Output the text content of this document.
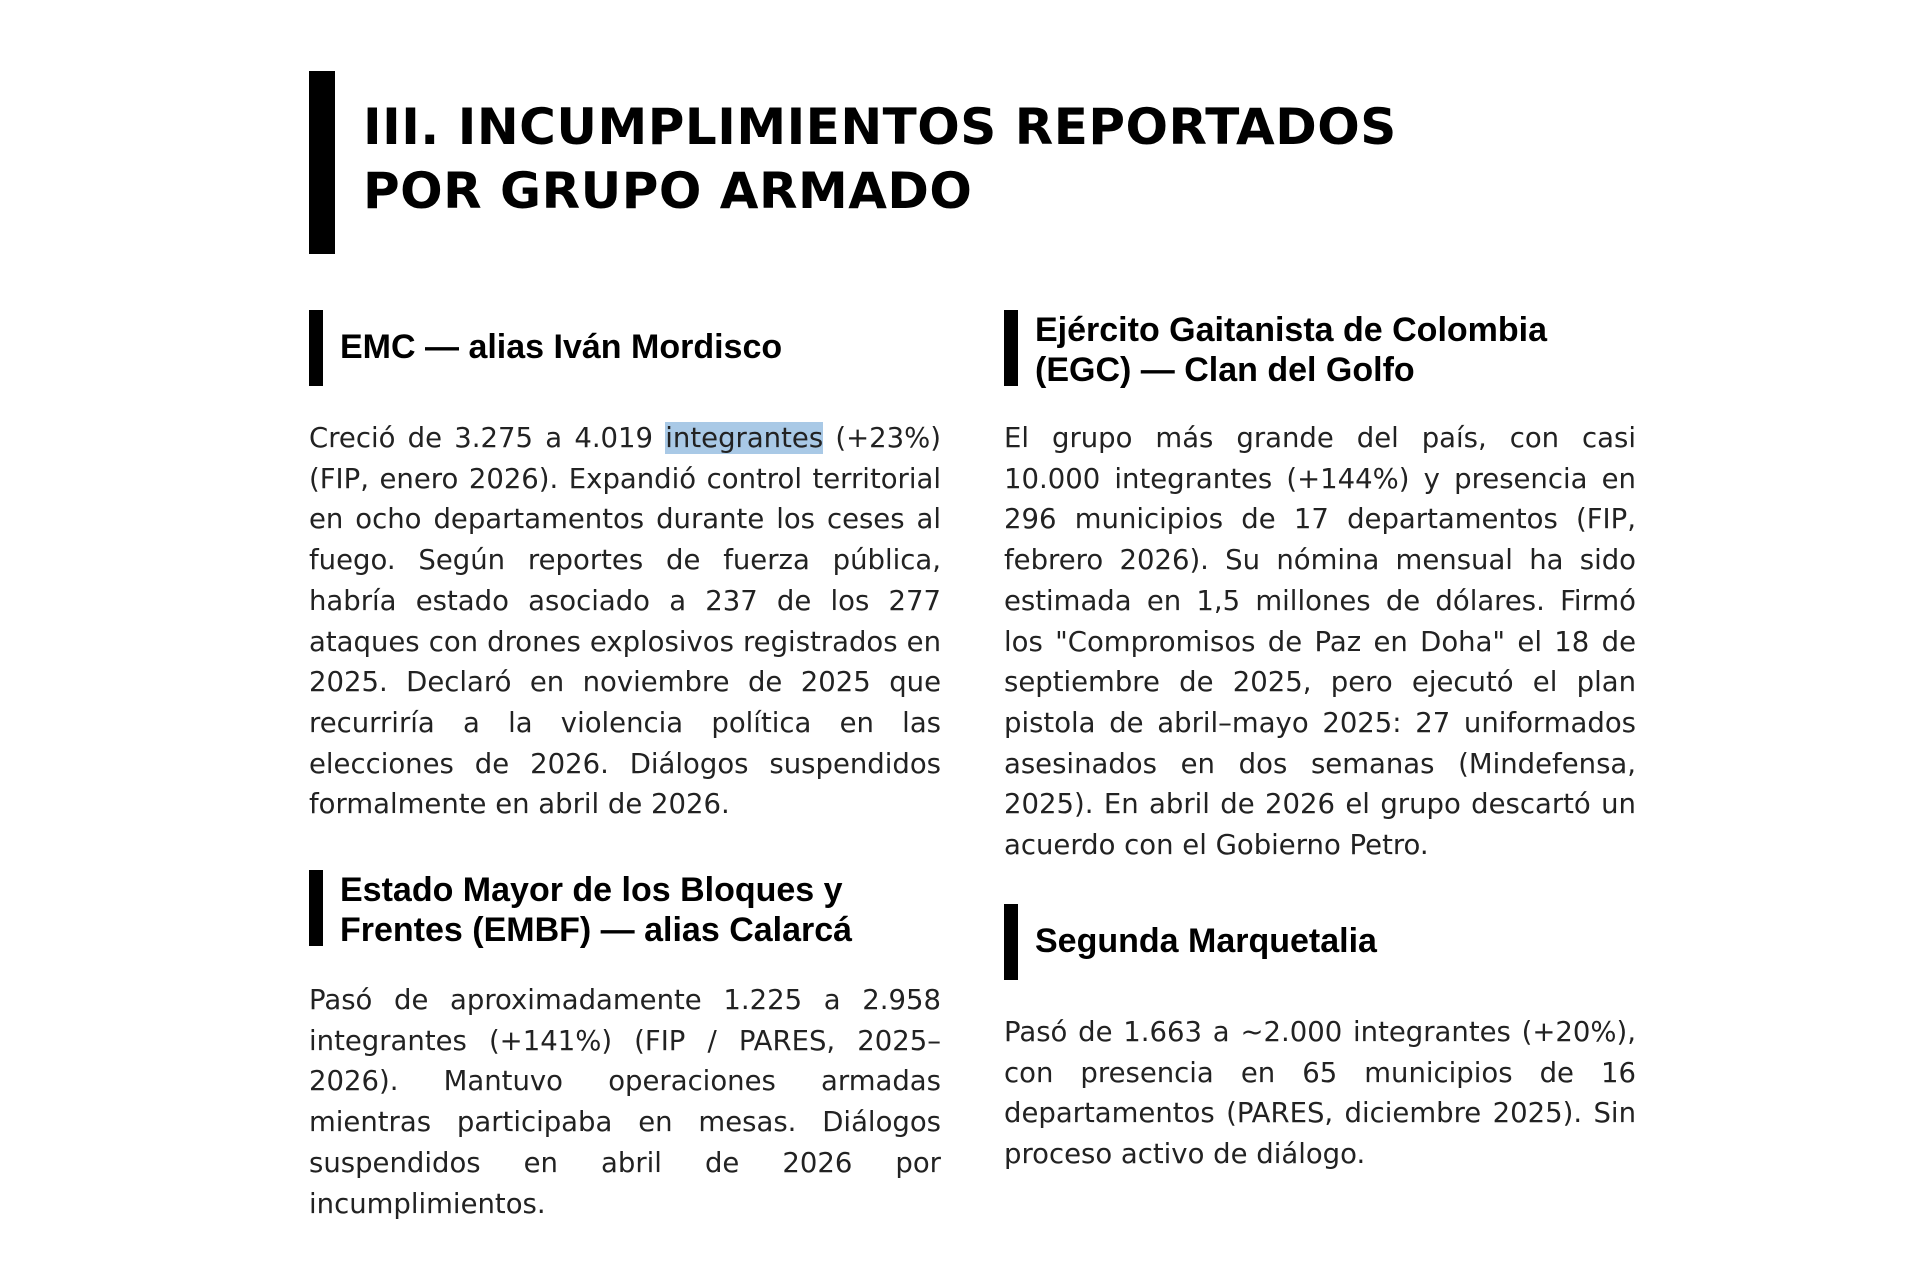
III. INCUMPLIMIENTOS REPORTADOS
POR GRUPO ARMADO
EMC — alias Iván Mordisco

Creció de 3.275 a 4.019 integrantes (+23%) (FIP, enero 2026). Expandió control territorial en ocho departamentos durante los ceses al fuego. Según reportes de fuerza pública, habría estado asociado a 237 de los 277 ataques con drones explosivos registrados en 2025. Declaró en noviembre de 2025 que recurriría a la violencia política en las elecciones de 2026. Diálogos suspendidos formalmente en abril de 2026.

Estado Mayor de los Bloques y
Frentes (EMBF) — alias Calarcá

Pasó de aproximadamente 1.225 a 2.958 integrantes (+141%) (FIP / PARES, 2025–2026). Mantuvo operaciones armadas mientras participaba en mesas. Diálogos suspendidos en abril de 2026 por incumplimientos.

Ejército Gaitanista de Colombia
(EGC) — Clan del Golfo

El grupo más grande del país, con casi 10.000 integrantes (+144%) y presencia en 296 municipios de 17 departamentos (FIP, febrero 2026). Su nómina mensual ha sido estimada en 1,5 millones de dólares. Firmó los "Compromisos de Paz en Doha" el 18 de septiembre de 2025, pero ejecutó el plan pistola de abril–mayo 2025: 27 uniformados asesinados en dos semanas (Mindefensa, 2025). En abril de 2026 el grupo descartó un acuerdo con el Gobierno Petro.

Segunda Marquetalia

Pasó de 1.663 a ~2.000 integrantes (+20%), con presencia en 65 municipios de 16 departamentos (PARES, diciembre 2025). Sin proceso activo de diálogo.
